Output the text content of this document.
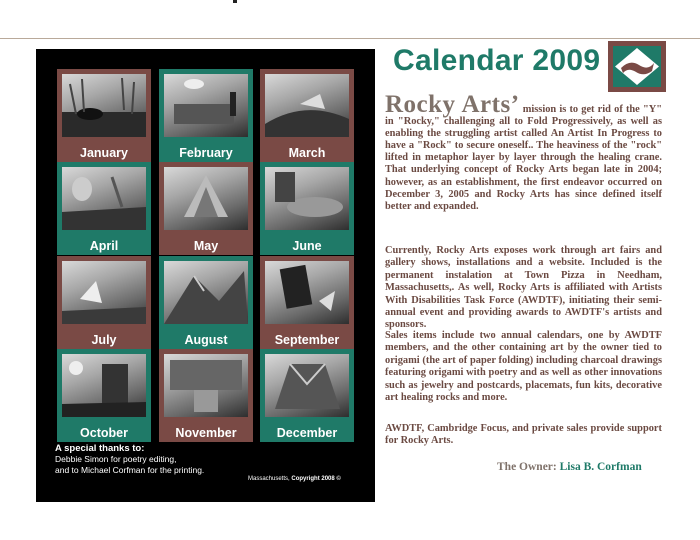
January	February	March
April	May	June
July	August	September
October	November	December
A special thanks to:
Debbie Simon for poetry editing,
and to Michael Corfman for the printing.
Massachusetts, Copyright 2008 ©
Calendar 2009

Rocky Arts’ mission is to get rid of the "Y" in "Rocky," challenging all to Fold Progressively, as well as enabling the struggling artist called An Artist In Progress to have a "Rock" to secure oneself.. The heaviness of the "rock" lifted in metaphor layer by layer through the healing crane. That underlying concept of Rocky Arts began late in 2004; however, as an establishment, the first endeavor occurred on December 3, 2005 and Rocky Arts has since defined itself better and expanded.

Currently, Rocky Arts exposes work through art fairs and gallery shows, installations and a website. Included is the permanent instalation at Town Pizza in Needham, Massachusetts,. As well, Rocky Arts is affiliated with Artists With Disabilities Task Force (AWDTF), initiating their semi-annual event and providing awards to AWDTF's artists and sponsors.

Sales items include two annual calendars, one by AWDTF members, and the other containing art by the owner tied to origami (the art of paper folding) including charcoal drawings featuring origami with poetry and as well as other innovations such as jewelry and postcards, placemats, fun kits, decorative art healing rocks and more.

AWDTF, Cambridge Focus, and private sales provide support for Rocky Arts.

The Owner: Lisa B. Corfman
